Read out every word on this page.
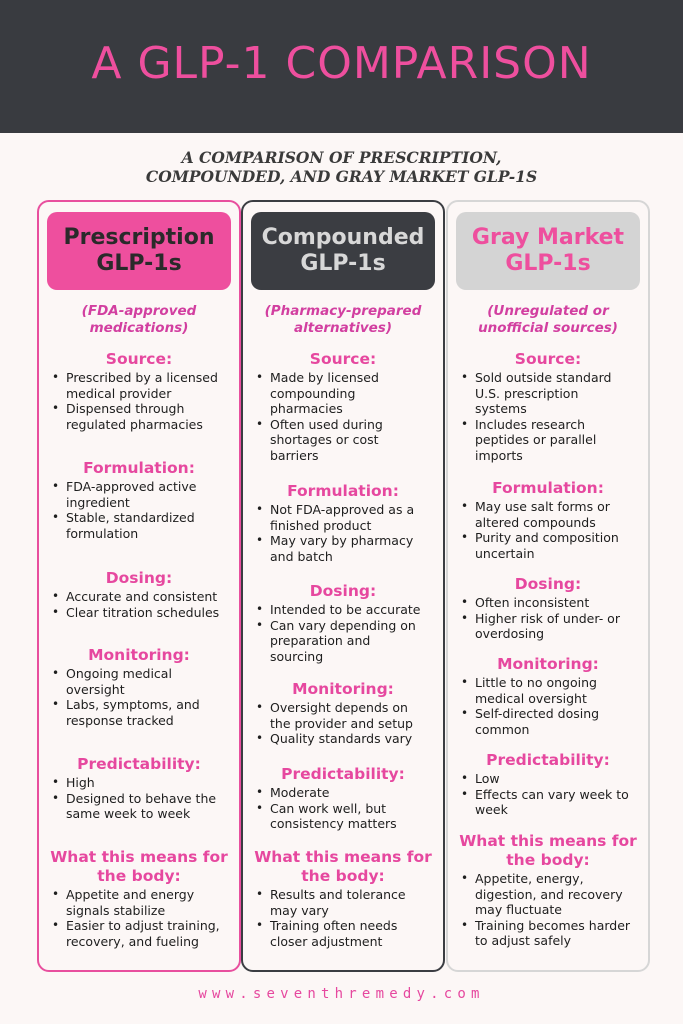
A GLP-1 COMPARISON
A COMPARISON OF PRESCRIPTION,
COMPOUNDED, AND GRAY MARKET GLP-1S
Prescription
GLP-1s
(FDA-approved
medications)
Source:
• Prescribed by a licensed
medical provider
• Dispensed through
regulated pharmacies
Formulation:
• FDA-approved active
ingredient
• Stable, standardized
formulation
Dosing:
• Accurate and consistent
• Clear titration schedules
Monitoring:
• Ongoing medical
oversight
• Labs, symptoms, and
response tracked
Predictability:
• High
• Designed to behave the
same week to week
What this means for
the body:
• Appetite and energy
signals stabilize
• Easier to adjust training,
recovery, and fueling
Compounded
GLP-1s
(Pharmacy-prepared
alternatives)
Source:
• Made by licensed
compounding
pharmacies
• Often used during
shortages or cost
barriers
Formulation:
• Not FDA-approved as a
finished product
• May vary by pharmacy
and batch
Dosing:
• Intended to be accurate
• Can vary depending on
preparation and
sourcing
Monitoring:
• Oversight depends on
the provider and setup
• Quality standards vary
Predictability:
• Moderate
• Can work well, but
consistency matters
What this means for
the body:
• Results and tolerance
may vary
• Training often needs
closer adjustment
Gray Market
GLP-1s
(Unregulated or
unofficial sources)
Source:
• Sold outside standard
U.S. prescription
systems
• Includes research
peptides or parallel
imports
Formulation:
• May use salt forms or
altered compounds
• Purity and composition
uncertain
Dosing:
• Often inconsistent
• Higher risk of under- or
overdosing
Monitoring:
• Little to no ongoing
medical oversight
• Self-directed dosing
common
Predictability:
• Low
• Effects can vary week to
week
What this means for
the body:
• Appetite, energy,
digestion, and recovery
may fluctuate
• Training becomes harder
to adjust safely
www.seventhremedy.com
